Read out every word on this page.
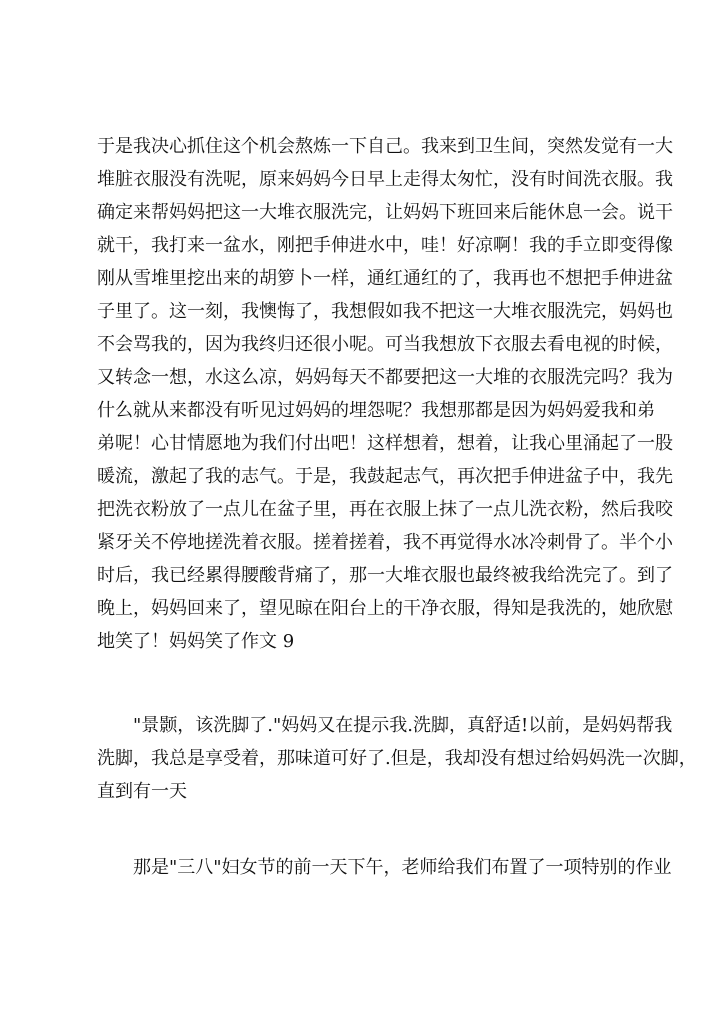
于是我决心抓住这个机会熬炼一下自己。我来到卫生间，突然发觉有一大
堆脏衣服没有洗呢，原来妈妈今日早上走得太匆忙，没有时间洗衣服。我
确定来帮妈妈把这一大堆衣服洗完，让妈妈下班回来后能休息一会。说干
就干，我打来一盆水，刚把手伸进水中，哇！好凉啊！我的手立即变得像
刚从雪堆里挖出来的胡箩卜一样，通红通红的了，我再也不想把手伸进盆
子里了。这一刻，我懊悔了，我想假如我不把这一大堆衣服洗完，妈妈也
不会骂我的，因为我终归还很小呢。可当我想放下衣服去看电视的时候，
又转念一想，水这么凉，妈妈每天不都要把这一大堆的衣服洗完吗？我为
什么就从来都没有听见过妈妈的埋怨呢？我想那都是因为妈妈爱我和弟
弟呢！心甘情愿地为我们付出吧！这样想着，想着，让我心里涌起了一股
暖流，激起了我的志气。于是，我鼓起志气，再次把手伸进盆子中，我先
把洗衣粉放了一点儿在盆子里，再在衣服上抹了一点儿洗衣粉，然后我咬
紧牙关不停地搓洗着衣服。搓着搓着，我不再觉得水冰冷刺骨了。半个小
时后，我已经累得腰酸背痛了，那一大堆衣服也最终被我给洗完了。到了
晚上，妈妈回来了，望见晾在阳台上的干净衣服，得知是我洗的，她欣慰
地笑了！妈妈笑了作文 9
"景颢，该洗脚了."妈妈又在提示我.洗脚，真舒适!以前，是妈妈帮我
洗脚，我总是享受着，那味道可好了.但是，我却没有想过给妈妈洗一次脚，
直到有一天
那是"三八"妇女节的前一天下午，老师给我们布置了一项特别的作业
